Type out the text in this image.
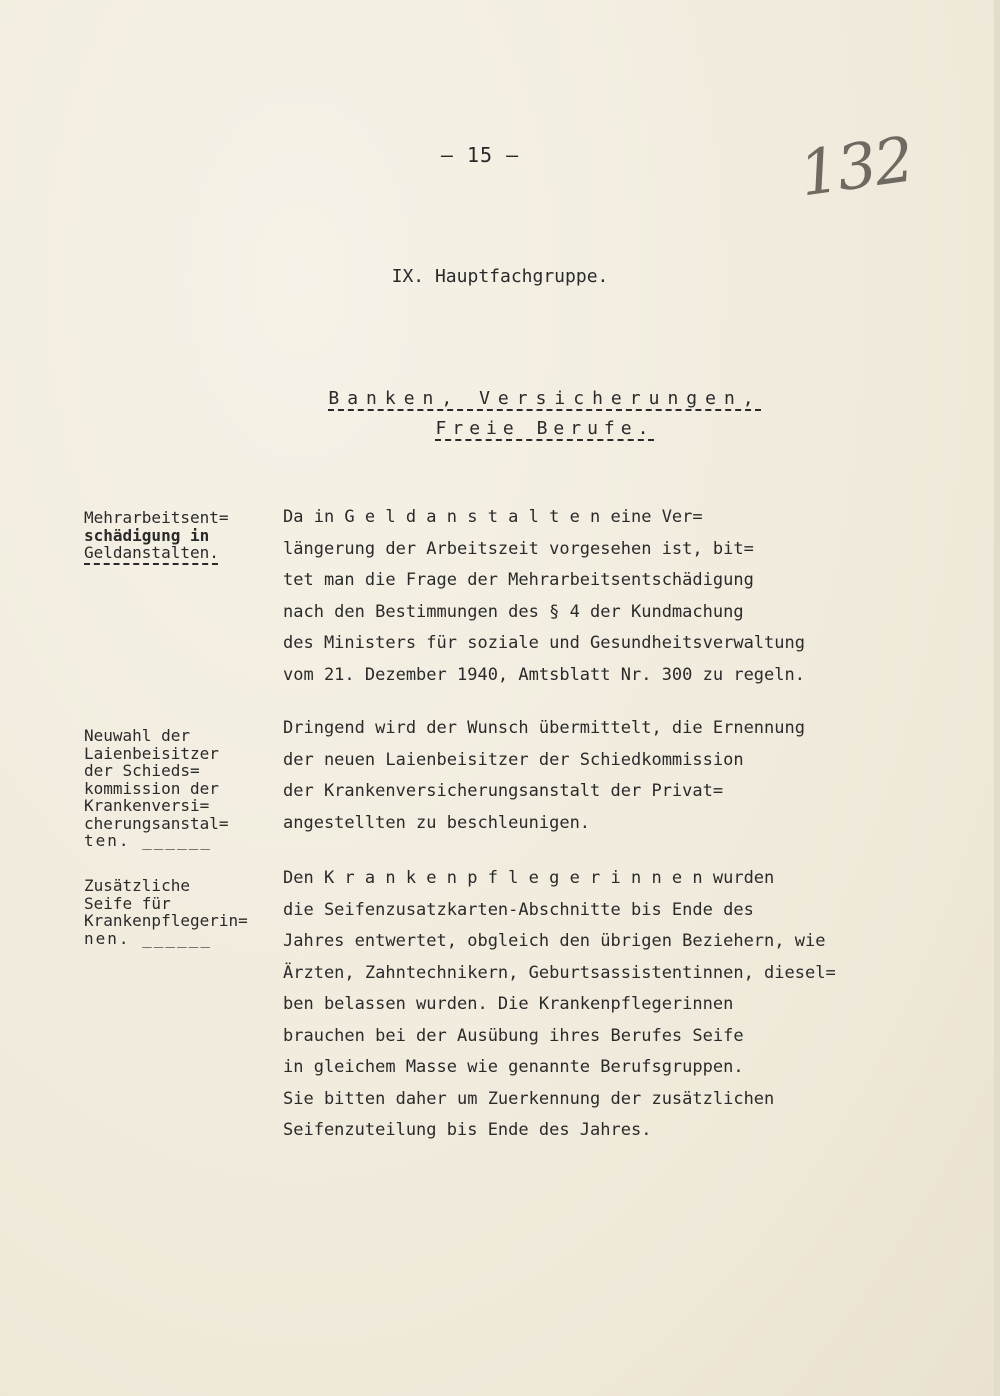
– 15 –	132
IX. Hauptfachgruppe.
Banken, Versicherungen,
Freie Berufe.
Mehrarbeitsent=
schädigung in
Geldanstalten.
Da in G e l d a n s t a l t e n eine Ver=
längerung der Arbeitszeit vorgesehen ist, bit=
tet man die Frage der Mehrarbeitsentschädigung
nach den Bestimmungen des § 4 der Kundmachung
des Ministers für soziale und Gesundheitsverwaltung
vom 21. Dezember 1940, Amtsblatt Nr. 300 zu regeln.
Neuwahl der
Laienbeisitzer
der Schieds=
kommission der
Krankenversi=
cherungsanstal=
ten. ______
Dringend wird der Wunsch übermittelt, die Ernennung
der neuen Laienbeisitzer der Schiedkommission
der Krankenversicherungsanstalt der Privat=
angestellten zu beschleunigen.
Zusätzliche
Seife für
Krankenpflegerin=
nen. ______
Den K r a n k e n p f l e g e r i n n e n wurden
die Seifenzusatzkarten-Abschnitte bis Ende des
Jahres entwertet, obgleich den übrigen Beziehern, wie
Ärzten, Zahntechnikern, Geburtsassistentinnen, diesel=
ben belassen wurden. Die Krankenpflegerinnen
brauchen bei der Ausübung ihres Berufes Seife
in gleichem Masse wie genannte Berufsgruppen.
Sie bitten daher um Zuerkennung der zusätzlichen
Seifenzuteilung bis Ende des Jahres.
